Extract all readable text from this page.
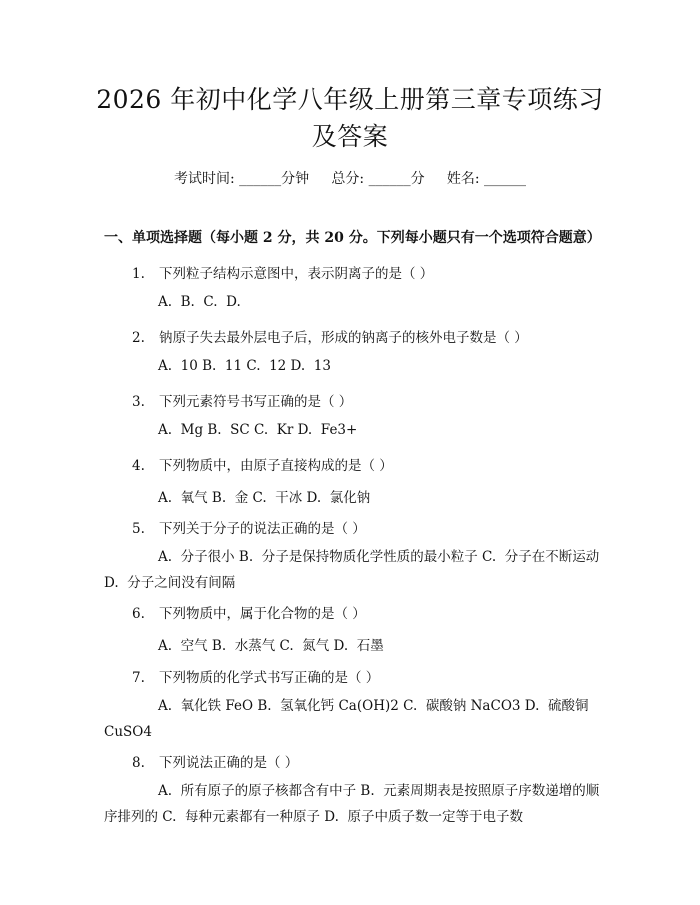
2026 年初中化学八年级上册第三章专项练习
及答案
考试时间: ______分钟     总分: ______分     姓名: ______
一、单项选择题（每小题 2 分，共 20 分。下列每小题只有一个选项符合题意）
1. 下列粒子结构示意图中，表示阴离子的是（ ）
A.  B.  C.  D.
2. 钠原子失去最外层电子后，形成的钠离子的核外电子数是（ ）
A.  10 B.  11 C.  12 D.  13
3. 下列元素符号书写正确的是（ ）
A.  Mg B.  SC C.  Kr D.  Fe3+
4. 下列物质中，由原子直接构成的是（ ）
A.  氧气 B.  金 C.  干冰 D.  氯化钠
5. 下列关于分子的说法正确的是（ ）
A.  分子很小 B.  分子是保持物质化学性质的最小粒子 C.  分子在不断运动 D.  分子之间没有间隔
6. 下列物质中，属于化合物的是（ ）
A.  空气 B.  水蒸气 C.  氮气 D.  石墨
7. 下列物质的化学式书写正确的是（ ）
A.  氧化铁 FeO B.  氢氧化钙 Ca(OH)2 C.  碳酸钠 NaCO3 D.  硫酸铜 CuSO4
8. 下列说法正确的是（ ）
A.  所有原子的原子核都含有中子 B.  元素周期表是按照原子序数递增的顺序排列的 C.  每种元素都有一种原子 D.  原子中质子数一定等于电子数
